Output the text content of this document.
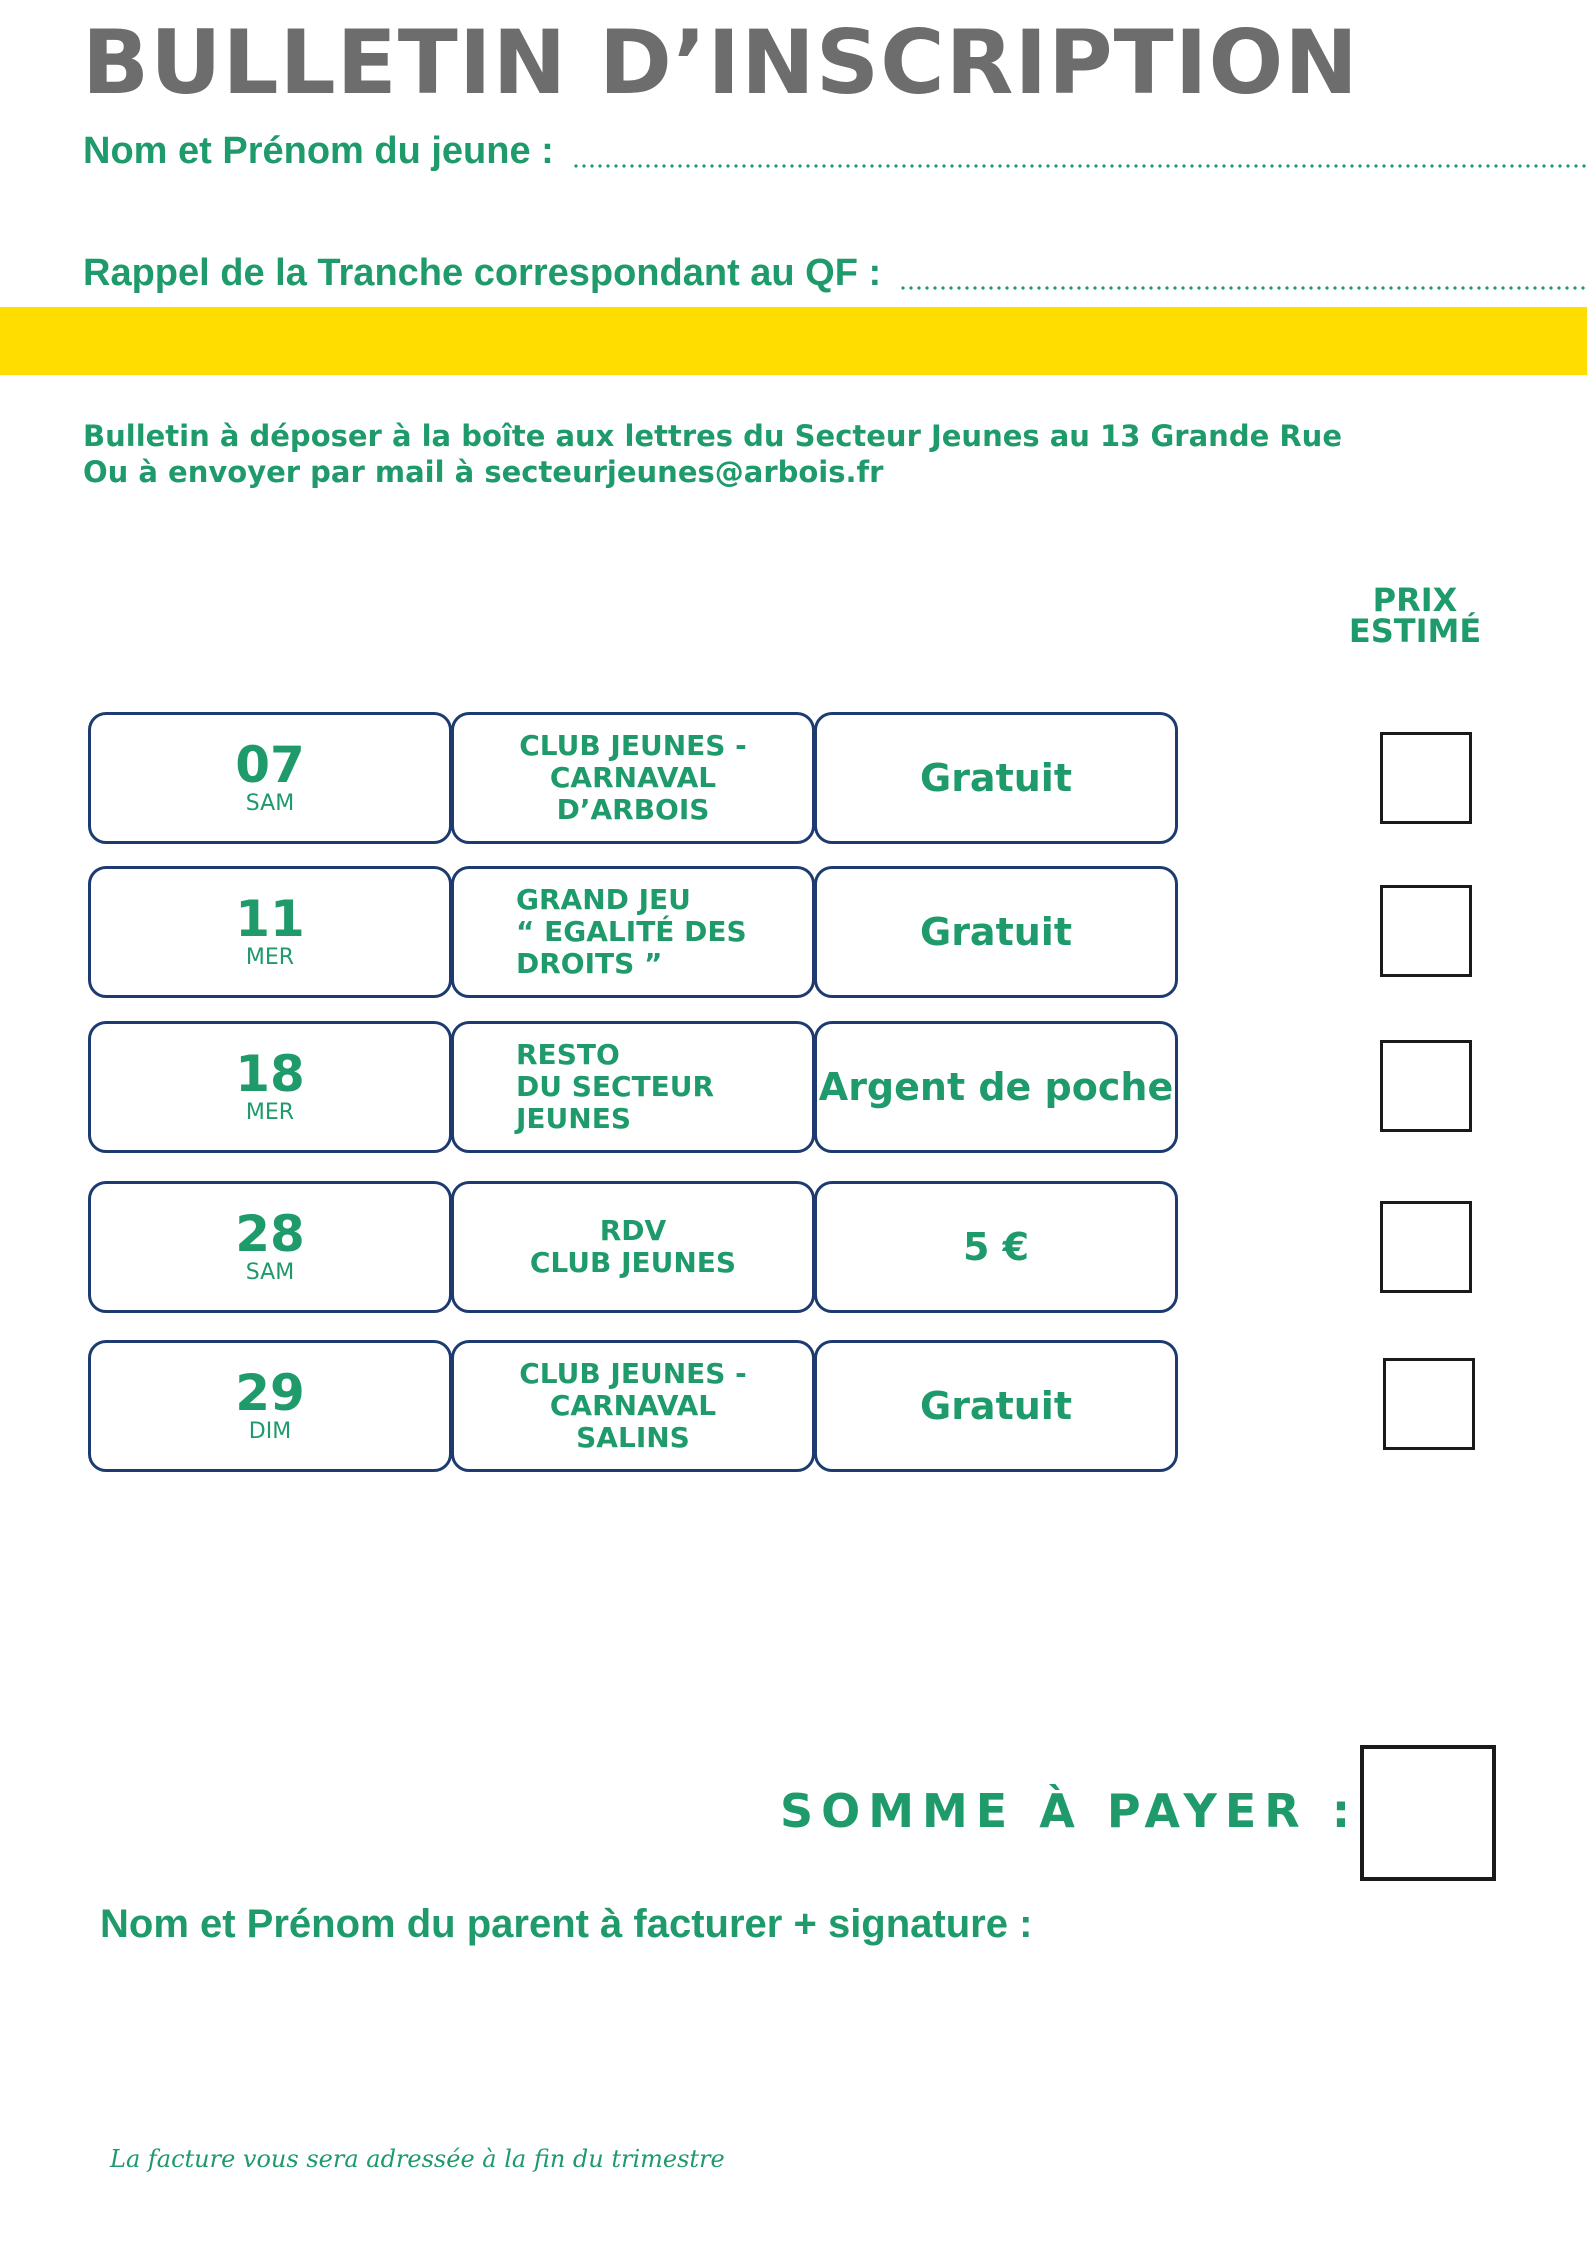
BULLETIN D’INSCRIPTION
Nom et Prénom du jeune :
Rappel de la Tranche correspondant au QF :
Bulletin à déposer à la boîte aux lettres du Secteur Jeunes au 13 Grande Rue
Ou à envoyer par mail à secteurjeunes@arbois.fr
PRIX
ESTIMÉ
07
SAM
CLUB JEUNES -
CARNAVAL
D’ARBOIS
Gratuit
11
MER
GRAND JEU
“ EGALITÉ DES
DROITS ”
Gratuit
18
MER
RESTO
DU SECTEUR
JEUNES
Argent de poche
28
SAM
RDV
CLUB JEUNES	5 €
29
DIM
CLUB JEUNES -
CARNAVAL
SALINS
Gratuit
SOMME À PAYER :
Nom et Prénom du parent à facturer + signature :
La facture vous sera adressée à la fin du trimestre
